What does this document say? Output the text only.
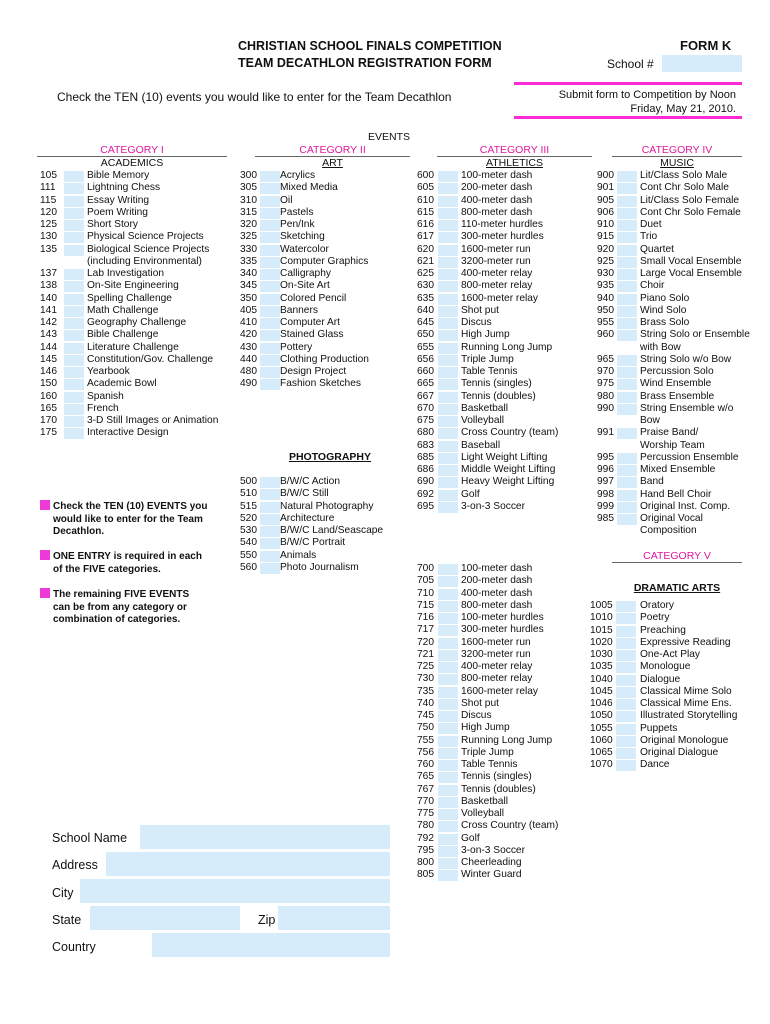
CHRISTIAN SCHOOL FINALS COMPETITION
TEAM DECATHLON REGISTRATION FORM
FORM K
School #
Submit form to Competition by Noon
Friday, May 21, 2010.
Check the TEN (10) events you would like to enter for the Team Decathlon
EVENTS
CATEGORY I
ACADEMICS
CATEGORY II
ART
CATEGORY III
ATHLETICS
CATEGORY IV
MUSIC
105	Bible Memory
111	Lightning Chess
115	Essay Writing
120	Poem Writing
125	Short Story
130	Physical Science Projects
135	Biological Science Projects
(including Environmental)
137	Lab Investigation
138	On-Site Engineering
140	Spelling Challenge
141	Math Challenge
142	Geography Challenge
143	Bible Challenge
144	Literature Challenge
145	Constitution/Gov. Challenge
146	Yearbook
150	Academic Bowl
160	Spanish
165	French
170	3-D Still Images or Animation
175	Interactive Design
300	Acrylics
305	Mixed Media
310	Oil
315	Pastels
320	Pen/Ink
325	Sketching
330	Watercolor
335	Computer Graphics
340	Calligraphy
345	On-Site Art
350	Colored Pencil
405	Banners
410	Computer Art
420	Stained Glass
430	Pottery
440	Clothing Production
480	Design Project
490	Fashion Sketches
PHOTOGRAPHY
500	B/W/C Action
510	B/W/C Still
515	Natural Photography
520	Architecture
530	B/W/C Land/Seascape
540	B/W/C Portrait
550	Animals
560	Photo Journalism
600	100-meter dash
605	200-meter dash
610	400-meter dash
615	800-meter dash
616	110-meter hurdles
617	300-meter hurdles
620	1600-meter run
621	3200-meter run
625	400-meter relay
630	800-meter relay
635	1600-meter relay
640	Shot put
645	Discus
650	High Jump
655	Running Long Jump
656	Triple Jump
660	Table Tennis
665	Tennis (singles)
667	Tennis (doubles)
670	Basketball
675	Volleyball
680	Cross Country (team)
683	Baseball
685	Light Weight Lifting
686	Middle Weight Lifting
690	Heavy Weight Lifting
692	Golf
695	3-on-3 Soccer
700	100-meter dash
705	200-meter dash
710	400-meter dash
715	800-meter dash
716	100-meter hurdles
717	300-meter hurdles
720	1600-meter run
721	3200-meter run
725	400-meter relay
730	800-meter relay
735	1600-meter relay
740	Shot put
745	Discus
750	High Jump
755	Running Long Jump
756	Triple Jump
760	Table Tennis
765	Tennis (singles)
767	Tennis (doubles)
770	Basketball
775	Volleyball
780	Cross Country (team)
792	Golf
795	3-on-3 Soccer
800	Cheerleading
805	Winter Guard
900	Lit/Class Solo Male
901	Cont Chr Solo Male
905	Lit/Class Solo Female
906	Cont Chr Solo Female
910	Duet
915	Trio
920	Quartet
925	Small Vocal Ensemble
930	Large Vocal Ensemble
935	Choir
940	Piano Solo
950	Wind Solo
955	Brass Solo
960	String Solo or Ensemble
with Bow
965	String Solo w/o Bow
970	Percussion Solo
975	Wind Ensemble
980	Brass Ensemble
990	String Ensemble w/o
Bow
991	Praise Band/
Worship Team
995	Percussion Ensemble
996	Mixed Ensemble
997	Band
998	Hand Bell Choir
999	Original Inst. Comp.
985	Original Vocal
Composition
CATEGORY V
DRAMATIC ARTS
1005	Oratory
1010	Poetry
1015	Preaching
1020	Expressive Reading
1030	One-Act Play
1035	Monologue
1040	Dialogue
1045	Classical Mime Solo
1046	Classical Mime Ens.
1050	Illustrated Storytelling
1055	Puppets
1060	Original Monologue
1065	Original Dialogue
1070	Dance
Check the TEN (10) EVENTS you
would like to enter for the Team
Decathlon.
ONE ENTRY is required in each
of the FIVE categories.
The remaining FIVE EVENTS
can be from any category or
combination of categories.
School Name
Address
City
State	Zip
Country
